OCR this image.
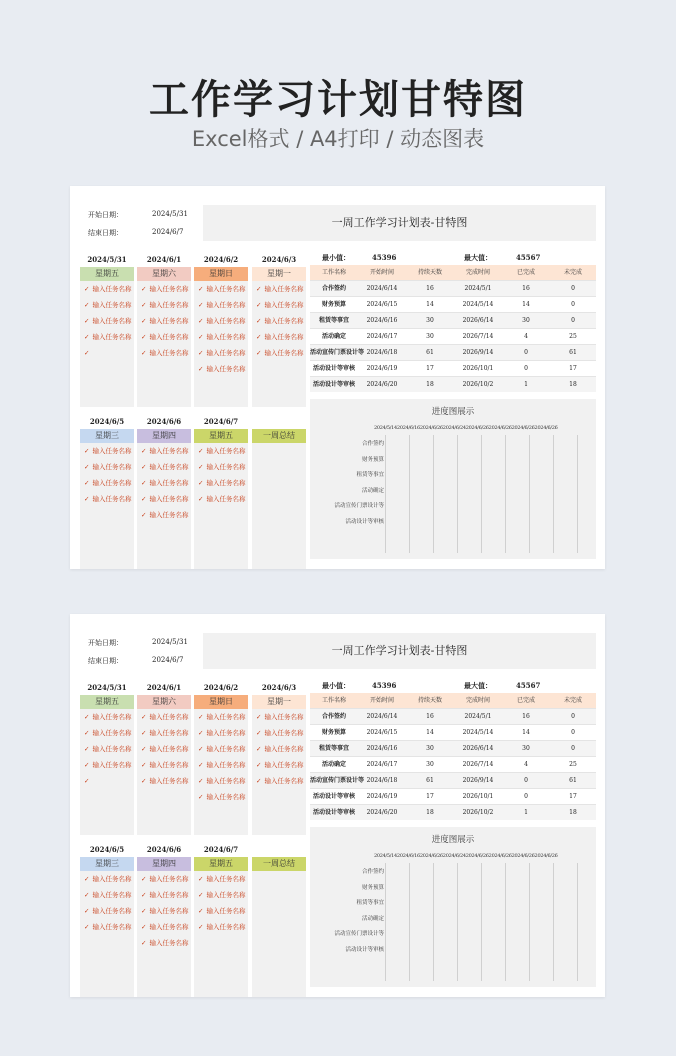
工作学习计划甘特图
Excel格式 / A4打印 / 动态图表
开始日期：	2024/5/31
结束日期：	2024/6/7
一周工作学习计划表-甘特图
2024/5/31
星期五
✓ 输入任务名称
✓ 输入任务名称
✓ 输入任务名称
✓ 输入任务名称
✓
2024/6/1
星期六
✓ 输入任务名称
✓ 输入任务名称
✓ 输入任务名称
✓ 输入任务名称
✓ 输入任务名称
2024/6/2
星期日
✓ 输入任务名称
✓ 输入任务名称
✓ 输入任务名称
✓ 输入任务名称
✓ 输入任务名称
✓ 输入任务名称
2024/6/3
星期一
✓ 输入任务名称
✓ 输入任务名称
✓ 输入任务名称
✓ 输入任务名称
✓ 输入任务名称
2024/6/5
星期三
✓ 输入任务名称
✓ 输入任务名称
✓ 输入任务名称
✓ 输入任务名称
2024/6/6
星期四
✓ 输入任务名称
✓ 输入任务名称
✓ 输入任务名称
✓ 输入任务名称
✓ 输入任务名称
2024/6/7
星期五
✓ 输入任务名称
✓ 输入任务名称
✓ 输入任务名称
✓ 输入任务名称
一周总结
最小值：	45396	最大值：	45567
工作名称	开始时间	持续天数	完成时间	已完成	未完成
合作签约	2024/6/14	16	2024/5/1	16	0
财务预算	2024/6/15	14	2024/5/14	14	0
租赁等事宜	2024/6/16	30	2026/6/14	30	0
活动确定	2024/6/17	30	2026/7/14	4	25
活动宣传门票设计等 2024/6/18	61	2026/9/14	0	61
活动设计等审核	2024/6/19	17	2026/10/1	0	17
活动设计等审核	2024/6/20	18	2026/10/2	1	18
进度图展示
2024/5/142024/6/162024/6/262024/6/242024/6/262024/6/262024/6/262024/6/26
合作签约
财务预算
租赁等事宜
活动确定
活动宣传门票设计等
活动设计等审核
开始日期：	2024/5/31
结束日期：	2024/6/7
一周工作学习计划表-甘特图
2024/5/31
星期五
✓ 输入任务名称
✓ 输入任务名称
✓ 输入任务名称
✓ 输入任务名称
✓
2024/6/1
星期六
✓ 输入任务名称
✓ 输入任务名称
✓ 输入任务名称
✓ 输入任务名称
✓ 输入任务名称
2024/6/2
星期日
✓ 输入任务名称
✓ 输入任务名称
✓ 输入任务名称
✓ 输入任务名称
✓ 输入任务名称
✓ 输入任务名称
2024/6/3
星期一
✓ 输入任务名称
✓ 输入任务名称
✓ 输入任务名称
✓ 输入任务名称
✓ 输入任务名称
2024/6/5
星期三
✓ 输入任务名称
✓ 输入任务名称
✓ 输入任务名称
✓ 输入任务名称
2024/6/6
星期四
✓ 输入任务名称
✓ 输入任务名称
✓ 输入任务名称
✓ 输入任务名称
✓ 输入任务名称
2024/6/7
星期五
✓ 输入任务名称
✓ 输入任务名称
✓ 输入任务名称
✓ 输入任务名称
一周总结
最小值：	45396	最大值：	45567
工作名称	开始时间	持续天数	完成时间	已完成	未完成
合作签约	2024/6/14	16	2024/5/1	16	0
财务预算	2024/6/15	14	2024/5/14	14	0
租赁等事宜	2024/6/16	30	2026/6/14	30	0
活动确定	2024/6/17	30	2026/7/14	4	25
活动宣传门票设计等 2024/6/18	61	2026/9/14	0	61
活动设计等审核	2024/6/19	17	2026/10/1	0	17
活动设计等审核	2024/6/20	18	2026/10/2	1	18
进度图展示
2024/5/142024/6/162024/6/262024/6/242024/6/262024/6/262024/6/262024/6/26
合作签约
财务预算
租赁等事宜
活动确定
活动宣传门票设计等
活动设计等审核
